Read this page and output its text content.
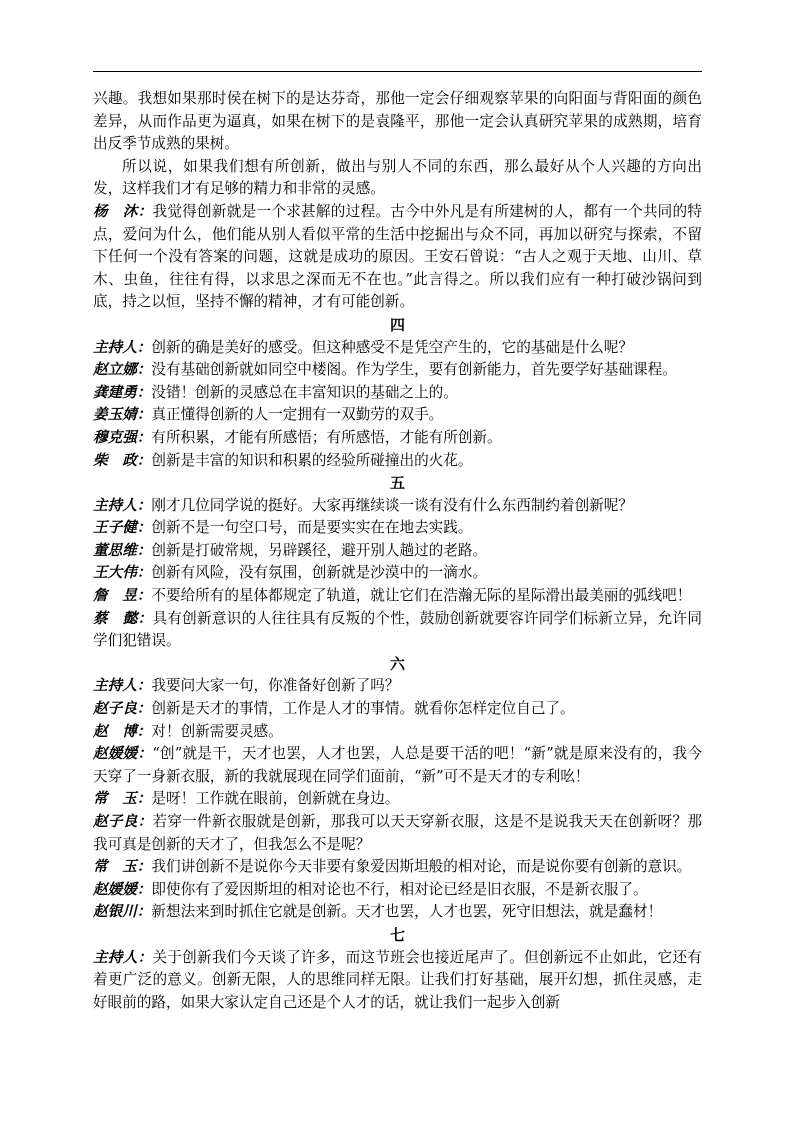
兴趣。我想如果那时侯在树下的是达芬奇，那他一定会仔细观察苹果的向阳面与背阳面的颜色差异，从而作品更为逼真，如果在树下的是袁隆平，那他一定会认真研究苹果的成熟期，培育出反季节成熟的果树。

所以说，如果我们想有所创新，做出与别人不同的东西，那么最好从个人兴趣的方向出发，这样我们才有足够的精力和非常的灵感。

杨　沐：我觉得创新就是一个求甚解的过程。古今中外凡是有所建树的人，都有一个共同的特点，爱问为什么，他们能从别人看似平常的生活中挖掘出与众不同，再加以研究与探索，不留下任何一个没有答案的问题，这就是成功的原因。王安石曾说：“古人之观于天地、山川、草木、虫鱼，往往有得，以求思之深而无不在也。”此言得之。所以我们应有一种打破沙锅问到底，持之以恒，坚持不懈的精神，才有可能创新。

四

主持人：创新的确是美好的感受。但这种感受不是凭空产生的，它的基础是什么呢？

赵立娜：没有基础创新就如同空中楼阁。作为学生，要有创新能力，首先要学好基础课程。

龚建勇：没错！创新的灵感总在丰富知识的基础之上的。

姜玉婧：真正懂得创新的人一定拥有一双勤劳的双手。

穆克强：有所积累，才能有所感悟；有所感悟，才能有所创新。

柴　政：创新是丰富的知识和积累的经验所碰撞出的火花。

五

主持人：刚才几位同学说的挺好。大家再继续谈一谈有没有什么东西制约着创新呢？

王子健：创新不是一句空口号，而是要实实在在地去实践。

董思维：创新是打破常规，另辟蹊径，避开别人趟过的老路。

王大伟：创新有风险，没有氛围，创新就是沙漠中的一滴水。

詹　昱：不要给所有的星体都规定了轨道，就让它们在浩瀚无际的星际滑出最美丽的弧线吧！

蔡　懿：具有创新意识的人往往具有反叛的个性，鼓励创新就要容许同学们标新立异，允许同学们犯错误。

六

主持人：我要问大家一句，你准备好创新了吗？

赵子良：创新是天才的事情，工作是人才的事情。就看你怎样定位自己了。

赵　博：对！创新需要灵感。

赵媛媛：“创”就是干，天才也罢，人才也罢，人总是要干活的吧！“新”就是原来没有的，我今天穿了一身新衣服，新的我就展现在同学们面前，“新”可不是天才的专利吆！

常　玉：是呀！工作就在眼前，创新就在身边。

赵子良：若穿一件新衣服就是创新，那我可以天天穿新衣服，这是不是说我天天在创新呀？那我可真是创新的天才了，但我怎么不是呢？

常　玉：我们讲创新不是说你今天非要有象爱因斯坦般的相对论，而是说你要有创新的意识。

赵媛媛：即使你有了爱因斯坦的相对论也不行，相对论已经是旧衣服，不是新衣服了。

赵银川：新想法来到时抓住它就是创新。天才也罢，人才也罢，死守旧想法，就是蠢材！

七

主持人：关于创新我们今天谈了许多，而这节班会也接近尾声了。但创新远不止如此，它还有着更广泛的意义。创新无限，人的思维同样无限。让我们打好基础，展开幻想，抓住灵感，走好眼前的路，如果大家认定自己还是个人才的话，就让我们一起步入创新
